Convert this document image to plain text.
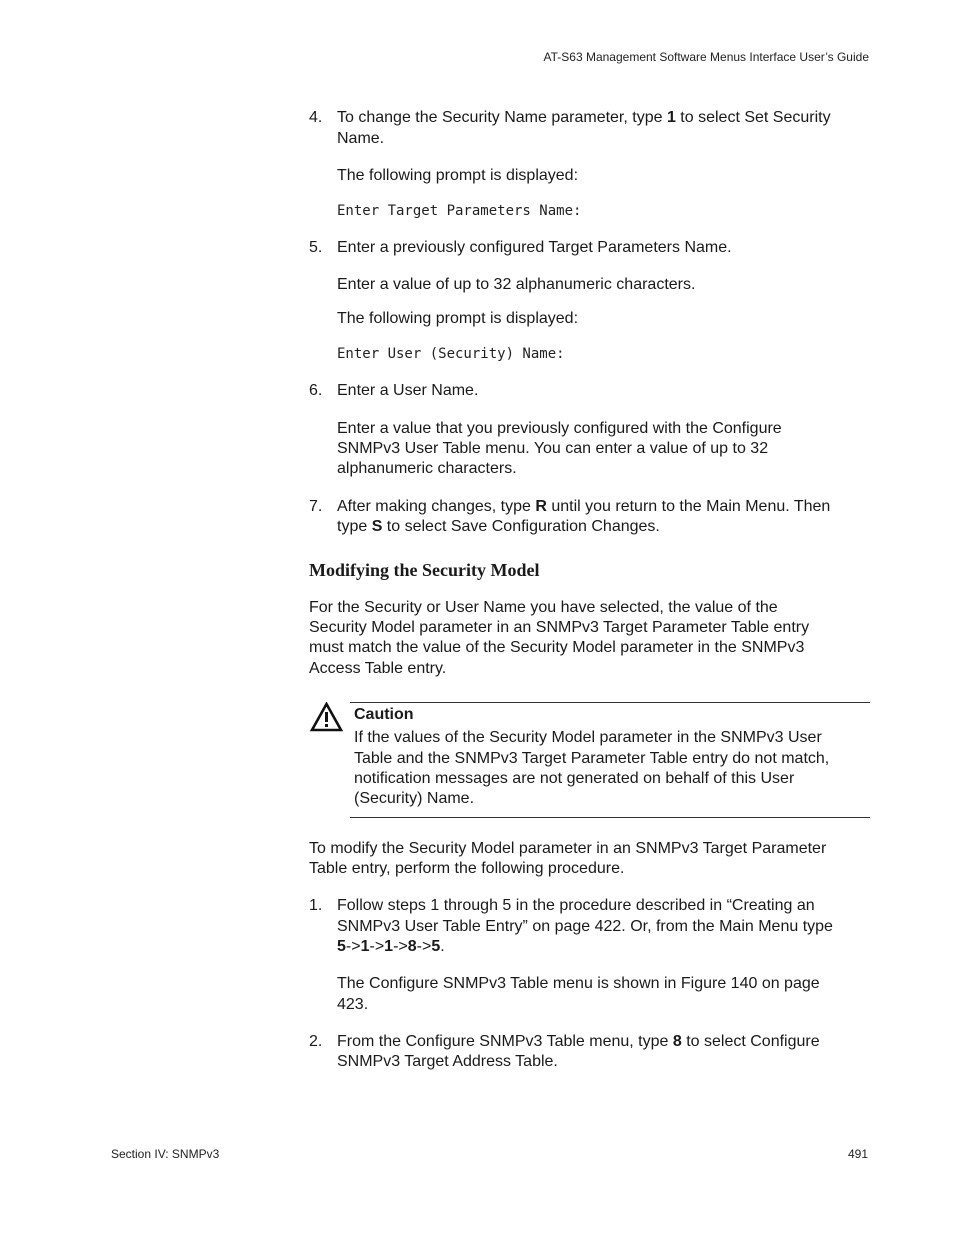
AT-S63 Management Software Menus Interface User’s Guide
4. To change the Security Name parameter, type 1 to select Set Security
Name.
The following prompt is displayed:
Enter Target Parameters Name:
5. Enter a previously configured Target Parameters Name.
Enter a value of up to 32 alphanumeric characters.
The following prompt is displayed:
Enter User (Security) Name:
6. Enter a User Name.
Enter a value that you previously configured with the Configure
SNMPv3 User Table menu. You can enter a value of up to 32
alphanumeric characters.
7. After making changes, type R until you return to the Main Menu. Then
type S to select Save Configuration Changes.
Modifying the Security Model
For the Security or User Name you have selected, the value of the
Security Model parameter in an SNMPv3 Target Parameter Table entry
must match the value of the Security Model parameter in the SNMPv3
Access Table entry.
Caution
If the values of the Security Model parameter in the SNMPv3 User
Table and the SNMPv3 Target Parameter Table entry do not match,
notification messages are not generated on behalf of this User
(Security) Name.
To modify the Security Model parameter in an SNMPv3 Target Parameter
Table entry, perform the following procedure.
1. Follow steps 1 through 5 in the procedure described in “Creating an
SNMPv3 User Table Entry” on page 422. Or, from the Main Menu type
5->1->1->8->5.
The Configure SNMPv3 Table menu is shown in Figure 140 on page
423.
2. From the Configure SNMPv3 Table menu, type 8 to select Configure
SNMPv3 Target Address Table.
Section IV: SNMPv3	491
